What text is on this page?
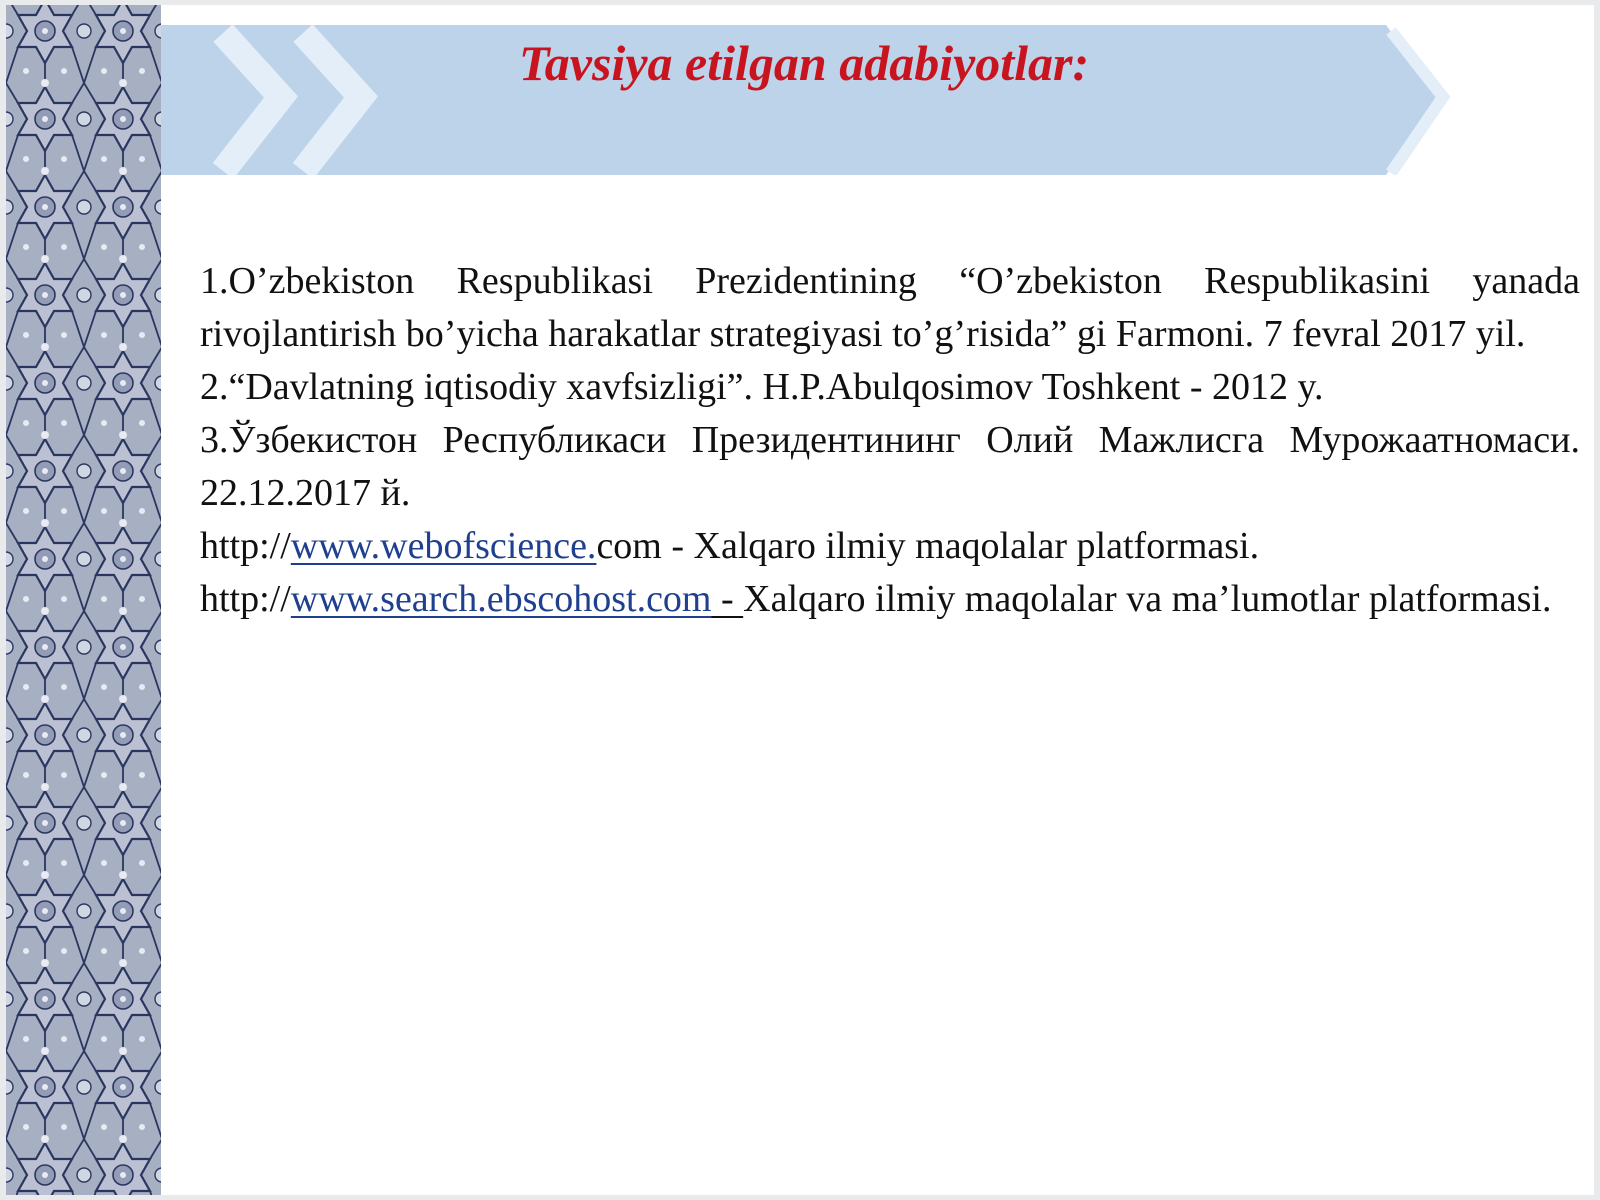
Tavsiya etilgan adabiyotlar:

1.O’zbekiston Respublikasi Prezidentining “O’zbekiston Respublikasini yanada rivojlantirish bo’yicha harakatlar strategiyasi to’g’risida” gi Farmoni. 7 fevral 2017 yil.

2.“Davlatning iqtisodiy xavfsizligi”. H.P.Abulqosimov Toshkent - 2012 y.

3.Ўзбекистон Республикаси Президентининг Олий Мажлисга Мурожаатномаси. 22.12.2017 й.

http://www.webofscience.com - Xalqaro ilmiy maqolalar platformasi.

http://www.search.ebscohost.com - Xalqaro ilmiy maqolalar va ma’lumotlar platformasi.
